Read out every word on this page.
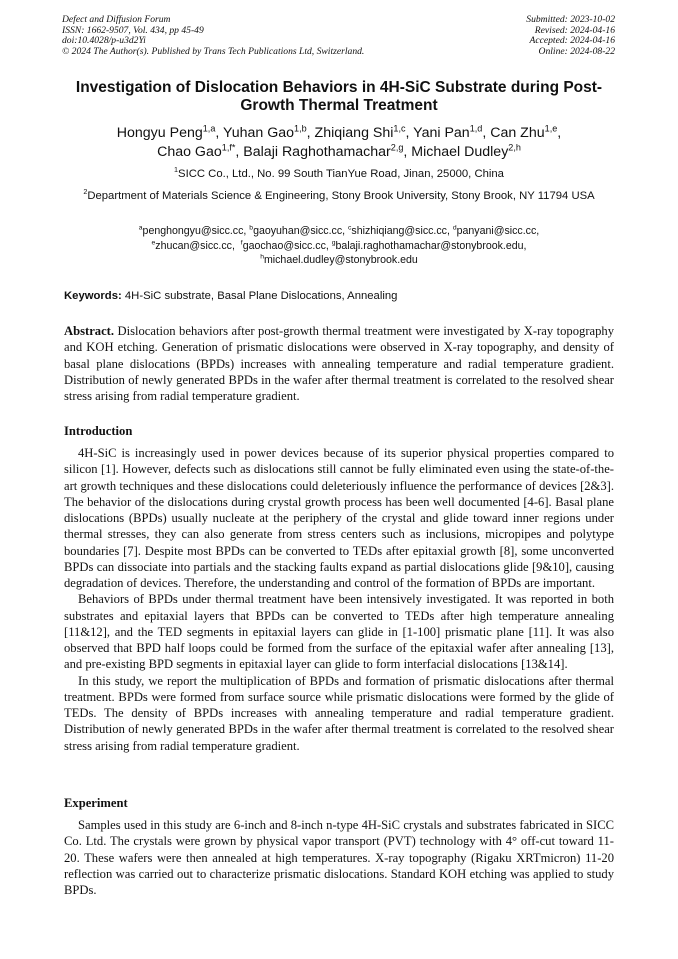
Defect and Diffusion Forum
ISSN: 1662-9507, Vol. 434, pp 45-49
doi:10.4028/p-u3d2Yi
© 2024 The Author(s). Published by Trans Tech Publications Ltd, Switzerland.
Submitted: 2023-10-02
Revised: 2024-04-16
Accepted: 2024-04-16
Online: 2024-08-22
Investigation of Dislocation Behaviors in 4H-SiC Substrate during Post-Growth Thermal Treatment
Hongyu Peng$^{1,a}$, Yuhan Gao$^{1,b}$, Zhiqiang Shi$^{1,c}$, Yani Pan$^{1,d}$, Can Zhu$^{1,e}$,
Chao Gao$^{1,f*}$, Balaji Raghothamachar$^{2,g}$, Michael Dudley$^{2,h}$
$^1$SICC Co., Ltd., No. 99 South TianYue Road, Jinan, 25000, China
$^2$Department of Materials Science & Engineering, Stony Brook University, Stony Brook, NY 11794 USA
$^a$penghongyu@sicc.cc, $^b$gaoyuhan@sicc.cc, $^c$shizhiqiang@sicc.cc, $^d$panyani@sicc.cc,
$^e$zhucan@sicc.cc,  $^f$gaochao@sicc.cc, $^g$balaji.raghothamachar@stonybrook.edu,
$^h$michael.dudley@stonybrook.edu
Keywords: 4H-SiC substrate, Basal Plane Dislocations, Annealing

Abstract. Dislocation behaviors after post-growth thermal treatment were investigated by X-ray topography and KOH etching. Generation of prismatic dislocations were observed in X-ray topography, and density of basal plane dislocations (BPDs) increases with annealing temperature and radial temperature gradient. Distribution of newly generated BPDs in the wafer after thermal treatment is correlated to the resolved shear stress arising from radial temperature gradient.

Introduction

4H-SiC is increasingly used in power devices because of its superior physical properties compared to silicon [1]. However, defects such as dislocations still cannot be fully eliminated even using the state-of-the-art growth techniques and these dislocations could deleteriously influence the performance of devices [2&3]. The behavior of the dislocations during crystal growth process has been well documented [4-6]. Basal plane dislocations (BPDs) usually nucleate at the periphery of the crystal and glide toward inner regions under thermal stresses, they can also generate from stress centers such as inclusions, micropipes and polytype boundaries [7]. Despite most BPDs can be converted to TEDs after epitaxial growth [8], some unconverted BPDs can dissociate into partials and the stacking faults expand as partial dislocations glide [9&10], causing degradation of devices. Therefore, the understanding and control of the formation of BPDs are important.

Behaviors of BPDs under thermal treatment have been intensively investigated. It was reported in both substrates and epitaxial layers that BPDs can be converted to TEDs after high temperature annealing [11&12], and the TED segments in epitaxial layers can glide in [1-100] prismatic plane [11]. It was also observed that BPD half loops could be formed from the surface of the epitaxial wafer after annealing [13], and pre-existing BPD segments in epitaxial layer can glide to form interfacial dislocations [13&14].

In this study, we report the multiplication of BPDs and formation of prismatic dislocations after thermal treatment. BPDs were formed from surface source while prismatic dislocations were formed by the glide of TEDs. The density of BPDs increases with annealing temperature and radial temperature gradient. Distribution of newly generated BPDs in the wafer after thermal treatment is correlated to the resolved shear stress arising from radial temperature gradient.

Experiment

Samples used in this study are 6-inch and 8-inch n-type 4H-SiC crystals and substrates fabricated in SICC Co. Ltd. The crystals were grown by physical vapor transport (PVT) technology with 4° off-cut toward 11-20. These wafers were then annealed at high temperatures. X-ray topography (Rigaku XRTmicron) 11-20 reflection was carried out to characterize prismatic dislocations. Standard KOH etching was applied to study BPDs.
